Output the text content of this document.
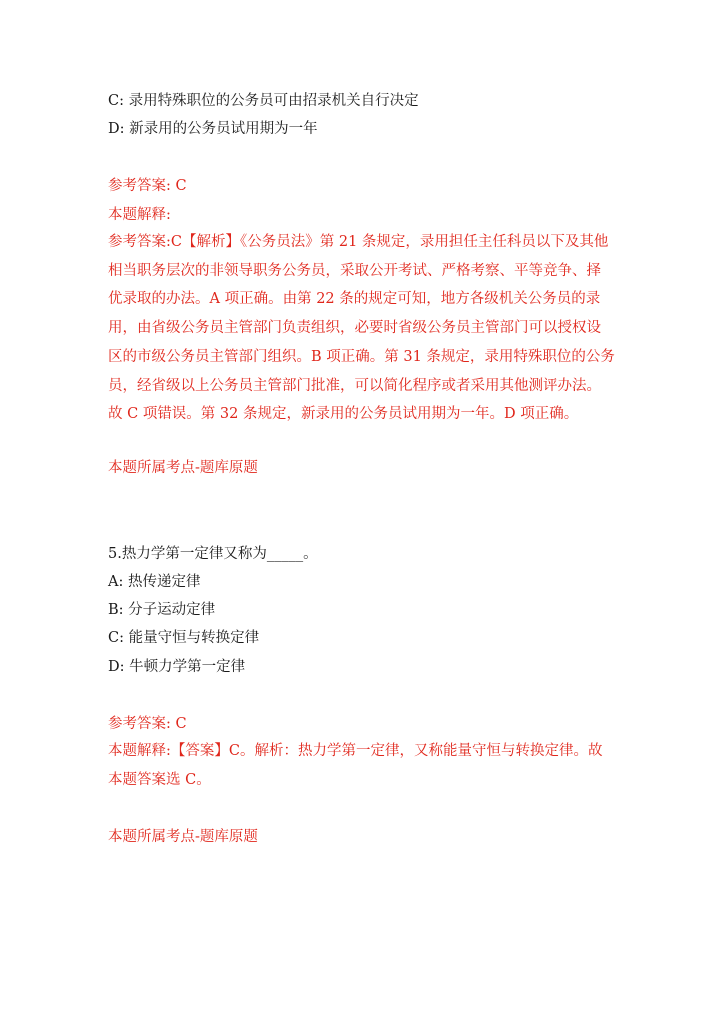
C: 录用特殊职位的公务员可由招录机关自行决定
D: 新录用的公务员试用期为一年
参考答案: C
本题解释:
参考答案:C【解析】《公务员法》第 21 条规定，录用担任主任科员以下及其他
相当职务层次的非领导职务公务员，采取公开考试、严格考察、平等竞争、择
优录取的办法。A 项正确。由第 22 条的规定可知，地方各级机关公务员的录
用，由省级公务员主管部门负责组织，必要时省级公务员主管部门可以授权设
区的市级公务员主管部门组织。B 项正确。第 31 条规定，录用特殊职位的公务
员，经省级以上公务员主管部门批准，可以简化程序或者采用其他测评办法。
故 C 项错误。第 32 条规定，新录用的公务员试用期为一年。D 项正确。
本题所属考点-题库原题
5.热力学第一定律又称为_____。
A: 热传递定律
B: 分子运动定律
C: 能量守恒与转换定律
D: 牛顿力学第一定律
参考答案: C
本题解释:【答案】C。解析：热力学第一定律，又称能量守恒与转换定律。故
本题答案选 C。
本题所属考点-题库原题
